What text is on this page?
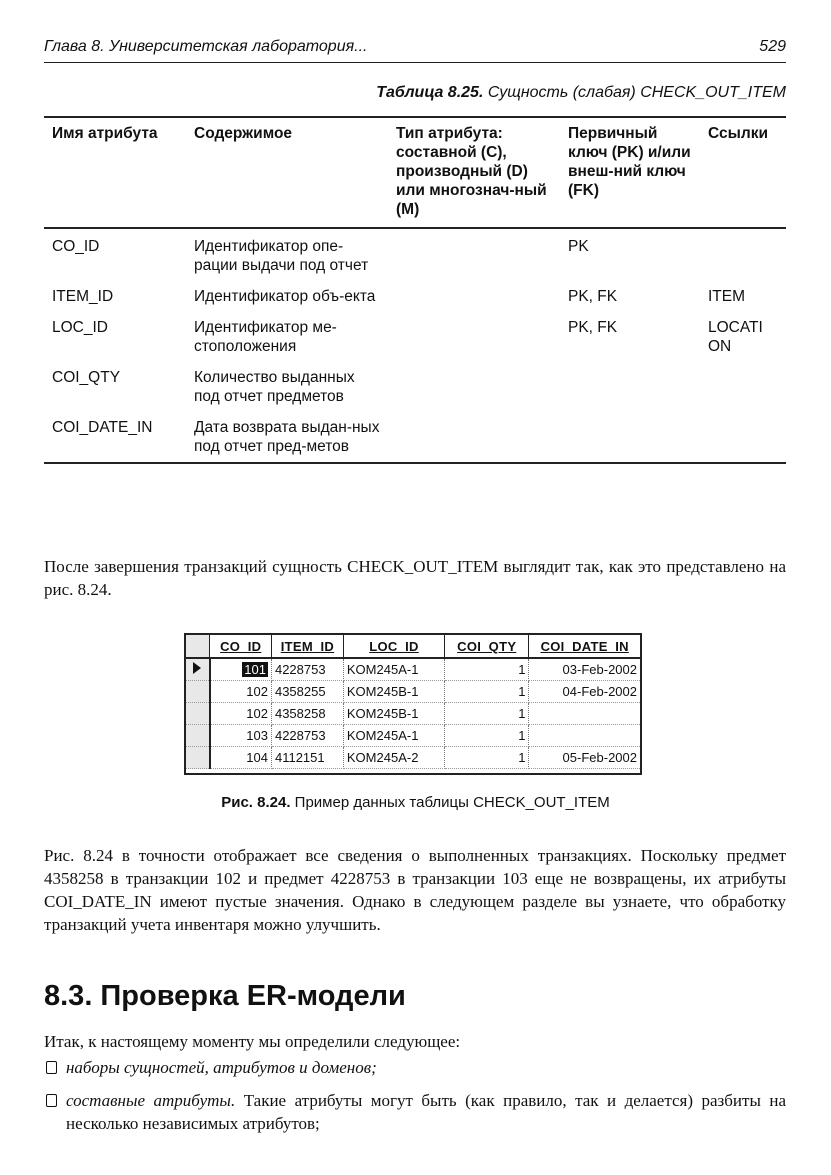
Глава 8. Университетская лаборатория...	529
Таблица 8.25. Сущность (слабая) CHECK_OUT_ITEM
Имя атрибута	Содержимое	Тип атрибута: составной (С), производный (D) или многознач-ный (М)	Первичный ключ (PK) и/или внеш-ний ключ (FK)	Ссылки
CO_ID	Идентификатор опе-рации выдачи под отчет		PK	
ITEM_ID	Идентификатор объ-екта		PK, FK	ITEM
LOC_ID	Идентификатор ме-стоположения		PK, FK	LOCATI ON
COI_QTY	Количество выданных под отчет предметов			
COI_DATE_IN	Дата возврата выдан-ных под отчет пред-метов			

После завершения транзакций сущность CHECK_OUT_ITEM выглядит так, как это представлено на рис. 8.24.

	CO_ID	ITEM_ID	LOC_ID	COI_QTY	COI_DATE_IN
	101	4228753	KOM245A-1	1	03-Feb-2002
	102	4358255	KOM245B-1	1	04-Feb-2002
	102	4358258	KOM245B-1	1	
	103	4228753	KOM245A-1	1	
	104	4112151	KOM245A-2	1	05-Feb-2002
Рис. 8.24. Пример данных таблицы CHECK_OUT_ITEM

Рис. 8.24 в точности отображает все сведения о выполненных транзакциях. Поскольку предмет 4358258 в транзакции 102 и предмет 4228753 в транзакции 103 еще не возвращены, их атрибуты COI_DATE_IN имеют пустые значения. Однако в следующем разделе вы узнаете, что обработку транзакций учета инвентаря можно улучшить.

8.3. Проверка ER-модели

Итак, к настоящему моменту мы определили следующее:

наборы сущностей, атрибутов и доменов;
составные атрибуты. Такие атрибуты могут быть (как правило, так и делается) разбиты на несколько независимых атрибутов;
